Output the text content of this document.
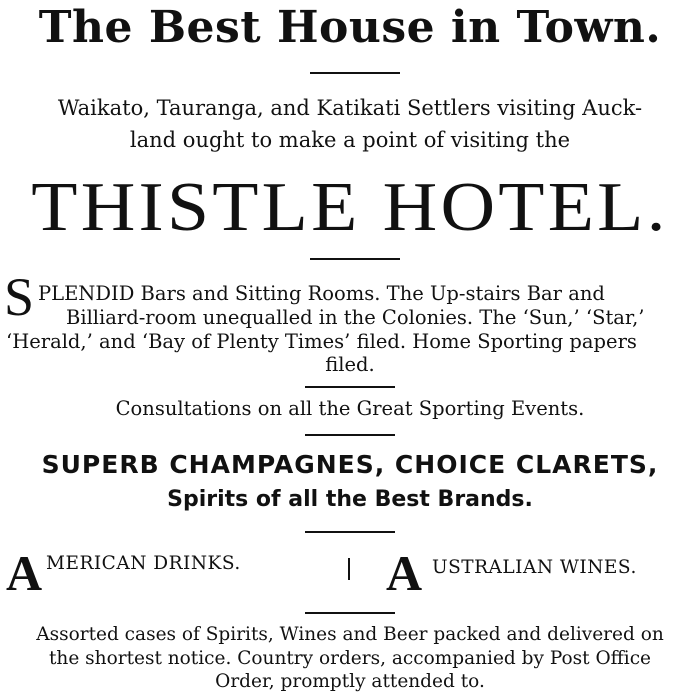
The Best House in Town.
Waikato, Tauranga, and Katikati Settlers visiting Auck-
land ought to make a point of visiting the
THISTLE HOTEL.
S PLENDID Bars and Sitting Rooms. The Up-stairs Bar and
Billiard-room unequalled in the Colonies. The ‘Sun,’ ‘Star,’
‘Herald,’ and ‘Bay of Plenty Times’ filed. Home Sporting papers
filed.
Consultations on all the Great Sporting Events.
SUPERB CHAMPAGNES, CHOICE CLARETS,
Spirits of all the Best Brands.
A MERICAN DRINKS.	A USTRALIAN WINES.
Assorted cases of Spirits, Wines and Beer packed and delivered on
the shortest notice. Country orders, accompanied by Post Office
Order, promptly attended to.
